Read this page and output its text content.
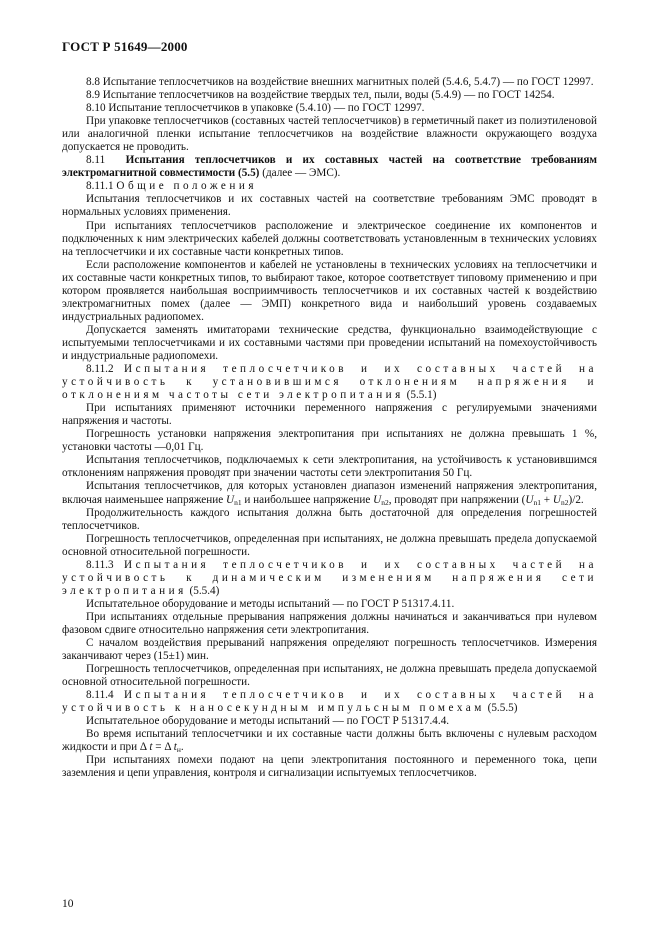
ГОСТ Р 51649—2000

8.8 Испытание теплосчетчиков на воздействие внешних магнитных полей (5.4.6, 5.4.7) — по ГОСТ 12997.

8.9 Испытание теплосчетчиков на воздействие твердых тел, пыли, воды (5.4.9) — по ГОСТ 14254.

8.10 Испытание теплосчетчиков в упаковке (5.4.10) — по ГОСТ 12997.

При упаковке теплосчетчиков (составных частей теплосчетчиков) в герметичный пакет из полиэтиленовой или аналогичной пленки испытание теплосчетчиков на воздействие влажности окружающего воздуха допускается не проводить.

8.11 Испытания теплосчетчиков и их составных частей на соответствие требованиям электромагнитной совместимости (5.5) (далее — ЭМС).

8.11.1 Общие положения

Испытания теплосчетчиков и их составных частей на соответствие требованиям ЭМС проводят в нормальных условиях применения.

При испытаниях теплосчетчиков расположение и электрическое соединение их компонентов и подключенных к ним электрических кабелей должны соответствовать установленным в технических условиях на теплосчетчики и их составные части конкретных типов.

Если расположение компонентов и кабелей не установлены в технических условиях на теплосчетчики и их составные части конкретных типов, то выбирают такое, которое соответствует типовому применению и при котором проявляется наибольшая восприимчивость теплосчетчиков и их составных частей к воздействию электромагнитных помех (далее — ЭМП) конкретного вида и наибольший уровень создаваемых индустриальных радиопомех.

Допускается заменять имитаторами технические средства, функционально взаимодействующие с испытуемыми теплосчетчиками и их составными частями при проведении испытаний на помехоустойчивость и индустриальные радиопомехи.

8.11.2 Испытания теплосчетчиков и их составных частей на устойчивость к установившимся отклонениям напряжения и отклонениям частоты сети электропитания (5.5.1)

При испытаниях применяют источники переменного напряжения с регулируемыми значениями напряжения и частоты.

Погрешность установки напряжения электропитания при испытаниях не должна превышать 1 %, установки частоты —0,01 Гц.

Испытания теплосчетчиков, подключаемых к сети электропитания, на устойчивость к установившимся отклонениям напряжения проводят при значении частоты сети электропитания 50 Гц.

Испытания теплосчетчиков, для которых установлен диапазон изменений напряжения электропитания, включая наименьшее напряжение $U_{n1}$ и наибольшее напряжение $U_{n2}$, проводят при напряжении $(U_{n1} + U_{n2})/2$.

Продолжительность каждого испытания должна быть достаточной для определения погрешностей теплосчетчиков.

Погрешность теплосчетчиков, определенная при испытаниях, не должна превышать предела допускаемой основной относительной погрешности.

8.11.3 Испытания теплосчетчиков и их составных частей на устойчивость к динамическим изменениям напряжения сети электропитания (5.5.4)

Испытательное оборудование и методы испытаний — по ГОСТ Р 51317.4.11.

При испытаниях отдельные прерывания напряжения должны начинаться и заканчиваться при нулевом фазовом сдвиге относительно напряжения сети электропитания.

С началом воздействия прерываний напряжения определяют погрешность теплосчетчиков. Измерения заканчивают через (15±1) мин.

Погрешность теплосчетчиков, определенная при испытаниях, не должна превышать предела допускаемой основной относительной погрешности.

8.11.4 Испытания теплосчетчиков и их составных частей на устойчивость к наносекундным импульсным помехам (5.5.5)

Испытательное оборудование и методы испытаний — по ГОСТ Р 51317.4.4.

Во время испытаний теплосчетчики и их составные части должны быть включены с нулевым расходом жидкости и при Δ t = Δ $t_н$.

При испытаниях помехи подают на цепи электропитания постоянного и переменного тока, цепи заземления и цепи управления, контроля и сигнализации испытуемых теплосчетчиков.

10
